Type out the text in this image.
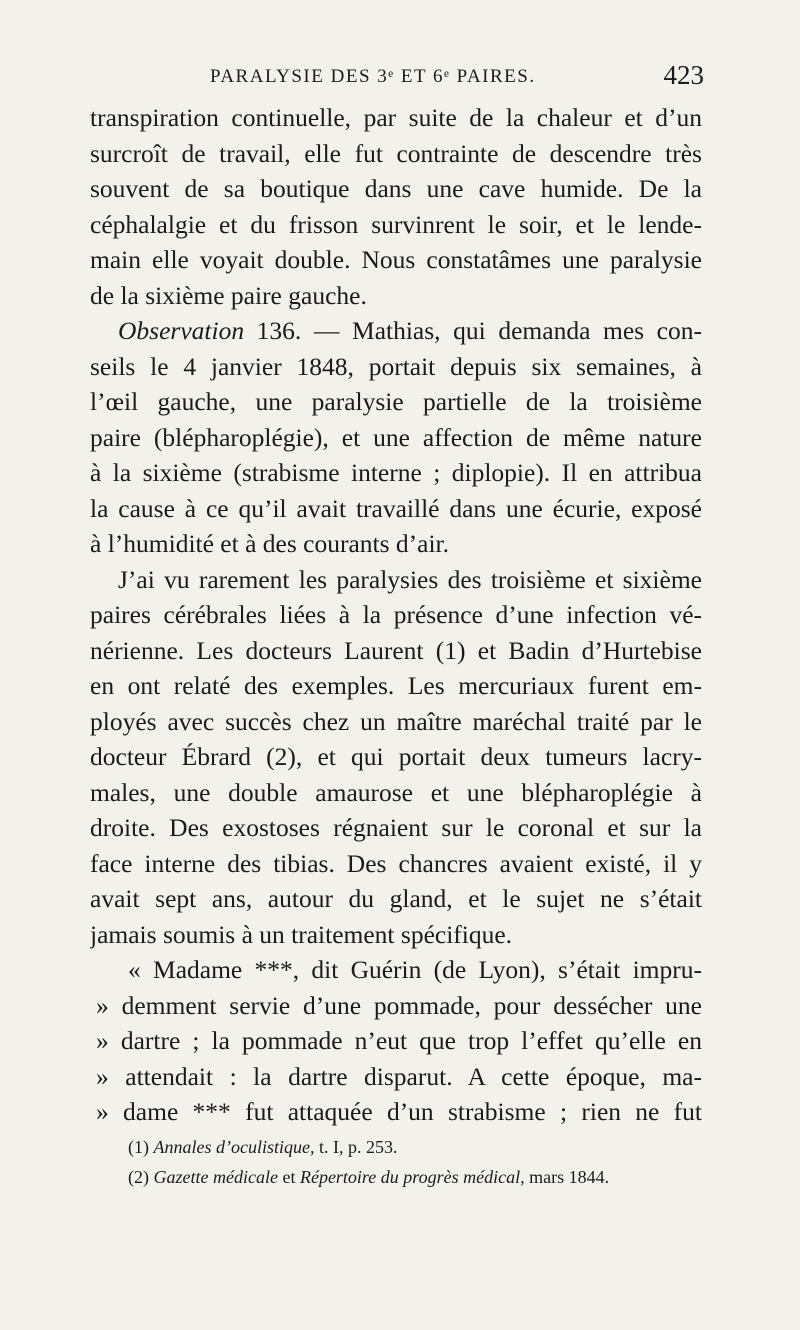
PARALYSIE DES 3ᵉ ET 6ᵉ PAIRES.	423
transpiration continuelle, par suite de la chaleur et d’un
surcroît de travail, elle fut contrainte de descendre très
souvent de sa boutique dans une cave humide. De la
céphalalgie et du frisson survinrent le soir, et le lende-
main elle voyait double. Nous constatâmes une paralysie
de la sixième paire gauche.
Observation 136. — Mathias, qui demanda mes con-
seils le 4 janvier 1848, portait depuis six semaines, à
l’œil gauche, une paralysie partielle de la troisième
paire (blépharoplégie), et une affection de même nature
à la sixième (strabisme interne ; diplopie). Il en attribua
la cause à ce qu’il avait travaillé dans une écurie, exposé
à l’humidité et à des courants d’air.
J’ai vu rarement les paralysies des troisième et sixième
paires cérébrales liées à la présence d’une infection vé-
nérienne. Les docteurs Laurent (1) et Badin d’Hurtebise
en ont relaté des exemples. Les mercuriaux furent em-
ployés avec succès chez un maître maréchal traité par le
docteur Ébrard (2), et qui portait deux tumeurs lacry-
males, une double amaurose et une blépharoplégie à
droite. Des exostoses régnaient sur le coronal et sur la
face interne des tibias. Des chancres avaient existé, il y
avait sept ans, autour du gland, et le sujet ne s’était
jamais soumis à un traitement spécifique.
« Madame ***, dit Guérin (de Lyon), s’était impru-
» demment servie d’une pommade, pour dessécher une
» dartre ; la pommade n’eut que trop l’effet qu’elle en
» attendait : la dartre disparut. A cette époque, ma-
» dame *** fut attaquée d’un strabisme ; rien ne fut
(1) Annales d’oculistique, t. I, p. 253.
(2) Gazette médicale et Répertoire du progrès médical, mars 1844.
